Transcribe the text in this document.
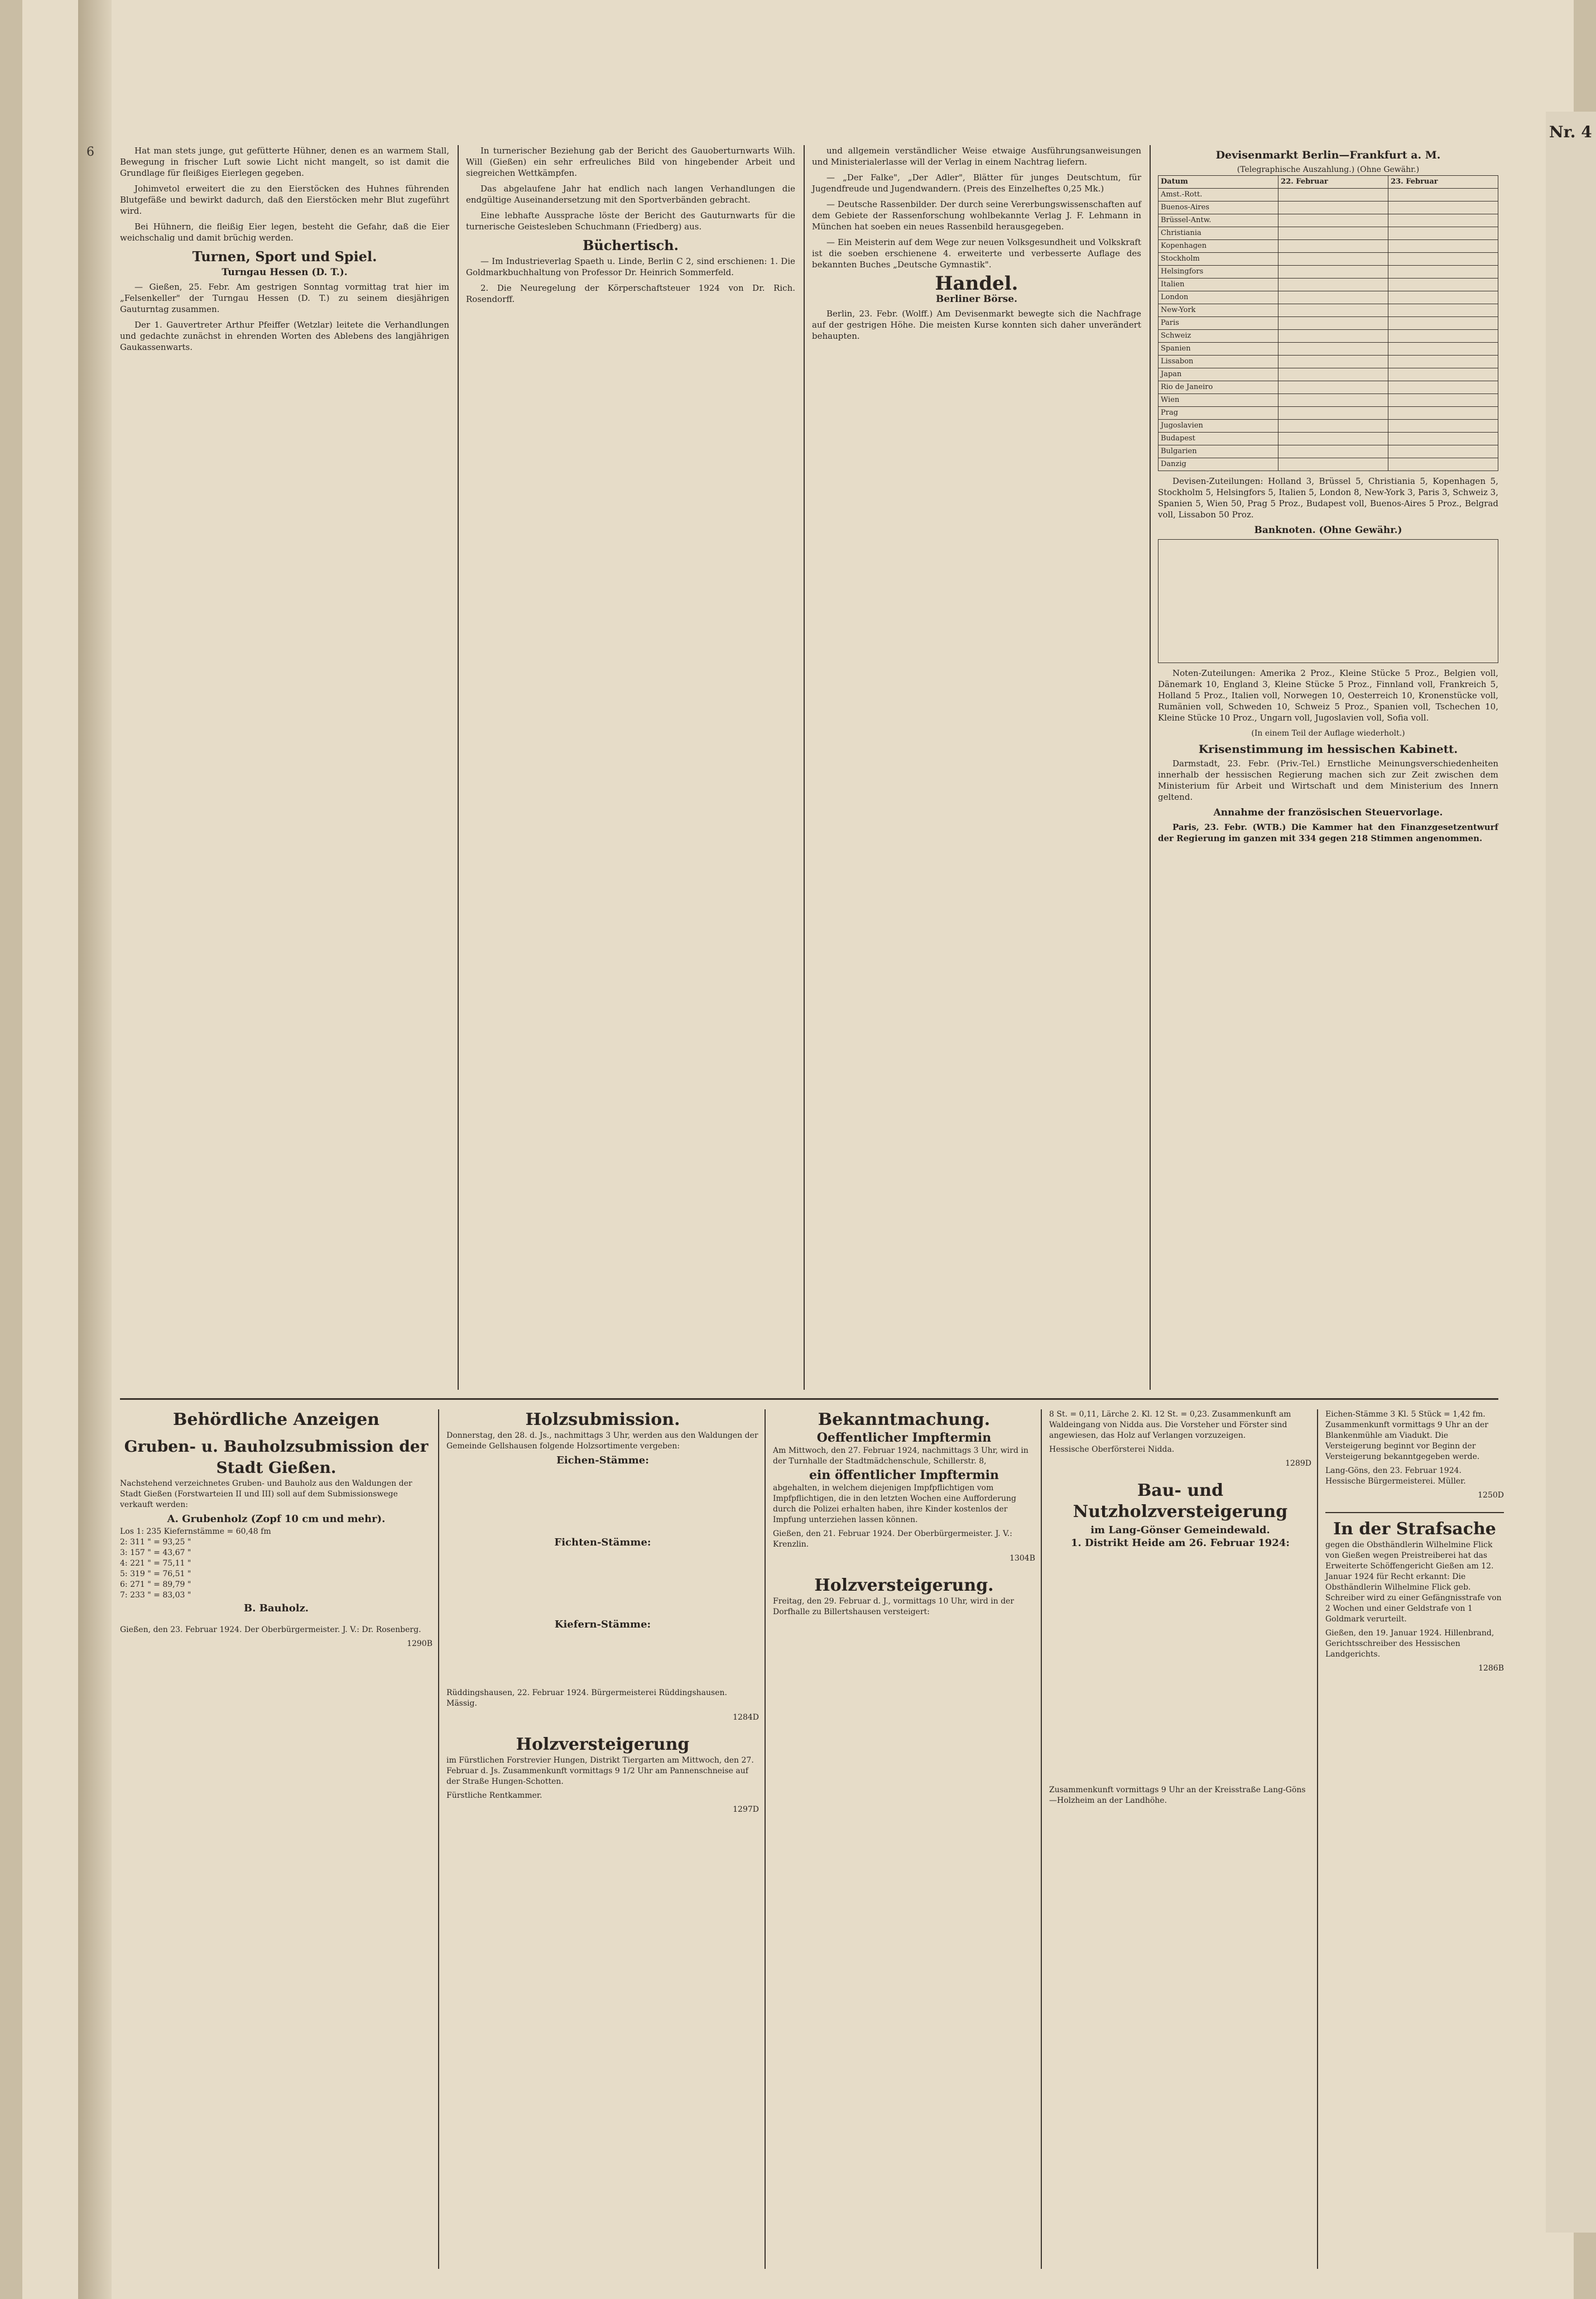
6
Nr. 4

Hat man stets junge, gut gefütterte Hühner, denen es an warmem Stall, Bewegung in frischer Luft sowie Licht nicht mangelt, so ist damit die Grundlage für fleißiges Eierlegen gegeben.

Johimvetol erweitert die zu den Eierstöcken des Huhnes führenden Blutgefäße und bewirkt dadurch, daß den Eierstöcken mehr Blut zugeführt wird.

Bei Hühnern, die fleißig Eier legen, besteht die Gefahr, daß die Eier weichschalig und damit brüchig werden.

Turnen, Sport und Spiel.
Turngau Hessen (D. T.).

— Gießen, 25. Febr. Am gestrigen Sonntag vormittag trat hier im „Felsenkeller" der Turngau Hessen (D. T.) zu seinem diesjährigen Gauturntag zusammen.

Der 1. Gauvertreter Arthur Pfeiffer (Wetzlar) leitete die Verhandlungen und gedachte zunächst in ehrenden Worten des Ablebens des langjährigen Gaukassenwarts.

In turnerischer Beziehung gab der Bericht des Gauoberturnwarts Wilh. Will (Gießen) ein sehr erfreuliches Bild von hingebender Arbeit und siegreichen Wettkämpfen.

Das abgelaufene Jahr hat endlich nach langen Verhandlungen die endgültige Auseinandersetzung mit den Sportverbänden gebracht.

Eine lebhafte Aussprache löste der Bericht des Gauturnwarts für die turnerische Geistesleben Schuchmann (Friedberg) aus.

Büchertisch.

— Im Industrieverlag Spaeth u. Linde, Berlin C 2, sind erschienen: 1. Die Goldmarkbuchhaltung von Professor Dr. Heinrich Sommerfeld.

2. Die Neuregelung der Körperschaftsteuer 1924 von Dr. Rich. Rosendorff.

und allgemein verständlicher Weise etwaige Ausführungsanweisungen und Ministerialerlasse will der Verlag in einem Nachtrag liefern.

— „Der Falke", „Der Adler", Blätter für junges Deutschtum, für Jugendfreude und Jugendwandern. (Preis des Einzelheftes 0,25 Mk.)

— Deutsche Rassenbilder. Der durch seine Vererbungswissenschaften auf dem Gebiete der Rassenforschung wohlbekannte Verlag J. F. Lehmann in München hat soeben ein neues Rassenbild herausgegeben.

— Ein Meisterin auf dem Wege zur neuen Volksgesundheit und Volkskraft ist die soeben erschienene 4. erweiterte und verbesserte Auflage des bekannten Buches „Deutsche Gymnastik".

Handel.
Berliner Börse.

Berlin, 23. Febr. (Wolff.) Am Devisenmarkt bewegte sich die Nachfrage auf der gestrigen Höhe. Die meisten Kurse konnten sich daher unverändert behaupten.

Devisenmarkt Berlin—Frankfurt a. M.
(Telegraphische Auszahlung.) (Ohne Gewähr.)
Datum	22. Februar	23. Februar
Amst.-Rott.		
Buenos-Aires		
Brüssel-Antw.		
Christiania		
Kopenhagen		
Stockholm		
Helsingfors		
Italien		
London		
New-York		
Paris		
Schweiz		
Spanien		
Lissabon		
Japan		
Rio de Janeiro		
Wien		
Prag		
Jugoslavien		
Budapest		
Bulgarien		
Danzig		

Devisen-Zuteilungen: Holland 3, Brüssel 5, Christiania 5, Kopenhagen 5, Stockholm 5, Helsingfors 5, Italien 5, London 8, New-York 3, Paris 3, Schweiz 3, Spanien 5, Wien 50, Prag 5 Proz., Budapest voll, Buenos-Aires 5 Proz., Belgrad voll, Lissabon 50 Proz.

Banknoten. (Ohne Gewähr.)

Noten-Zuteilungen: Amerika 2 Proz., Kleine Stücke 5 Proz., Belgien voll, Dänemark 10, England 3, Kleine Stücke 5 Proz., Finnland voll, Frankreich 5, Holland 5 Proz., Italien voll, Norwegen 10, Oesterreich 10, Kronenstücke voll, Rumänien voll, Schweden 10, Schweiz 5 Proz., Spanien voll, Tschechen 10, Kleine Stücke 10 Proz., Ungarn voll, Jugoslavien voll, Sofia voll.

(In einem Teil der Auflage wiederholt.)
Krisenstimmung im hessischen Kabinett.

Darmstadt, 23. Febr. (Priv.-Tel.) Ernstliche Meinungsverschiedenheiten innerhalb der hessischen Regierung machen sich zur Zeit zwischen dem Ministerium für Arbeit und Wirtschaft und dem Ministerium des Innern geltend.

Annahme der französischen Steuervorlage.

Paris, 23. Febr. (WTB.) Die Kammer hat den Finanzgesetzentwurf der Regierung im ganzen mit 334 gegen 218 Stimmen angenommen.

Behördliche Anzeigen
Gruben- u. Bauholzsubmission der Stadt Gießen.

Nachstehend verzeichnetes Gruben- und Bauholz aus den Waldungen der Stadt Gießen (Forstwarteien II und III) soll auf dem Submissionswege verkauft werden:

A. Grubenholz (Zopf 10 cm und mehr).
Los 1: 235 Kiefernstämme = 60,48 fm
2: 311 " = 93,25 "
3: 157 " = 43,67 "
4: 221 " = 75,11 "
5: 319 " = 76,51 "
6: 271 " = 89,79 "
7: 233 " = 83,03 "
B. Bauholz.

Gießen, den 23. Februar 1924. Der Oberbürgermeister. J. V.: Dr. Rosenberg.

1290B
Holzsubmission.

Donnerstag, den 28. d. Js., nachmittags 3 Uhr, werden aus den Waldungen der Gemeinde Gellshausen folgende Holzsortimente vergeben:

Eichen-Stämme:
Fichten-Stämme:
Kiefern-Stämme:

Rüddingshausen, 22. Februar 1924. Bürgermeisterei Rüddingshausen. Mässig.

1284D
Holzversteigerung

im Fürstlichen Forstrevier Hungen, Distrikt Tiergarten am Mittwoch, den 27. Februar d. Js. Zusammenkunft vormittags 9 1/2 Uhr am Pannenschneise auf der Straße Hungen-Schotten.

Fürstliche Rentkammer.

1297D
Bekanntmachung.
Oeffentlicher Impftermin

Am Mittwoch, den 27. Februar 1924, nachmittags 3 Uhr, wird in der Turnhalle der Stadtmädchenschule, Schillerstr. 8,

ein öffentlicher Impftermin

abgehalten, in welchem diejenigen Impfpflichtigen vom Impfpflichtigen, die in den letzten Wochen eine Aufforderung durch die Polizei erhalten haben, ihre Kinder kostenlos der Impfung unterziehen lassen können.

Gießen, den 21. Februar 1924. Der Oberbürgermeister. J. V.: Krenzlin.

1304B
Holzversteigerung.

Freitag, den 29. Februar d. J., vormittags 10 Uhr, wird in der Dorfhalle zu Billertshausen versteigert:

8 St. = 0,11, Lärche 2. Kl. 12 St. = 0,23. Zusammenkunft am Waldeingang von Nidda aus. Die Vorsteher und Förster sind angewiesen, das Holz auf Verlangen vorzuzeigen.

Hessische Oberförsterei Nidda.

1289D
Bau- und Nutzholzversteigerung
im Lang-Gönser Gemeindewald.
1. Distrikt Heide am 26. Februar 1924:

Zusammenkunft vormittags 9 Uhr an der Kreisstraße Lang-Göns—Holzheim an der Landhöhe.

Eichen-Stämme 3 Kl. 5 Stück = 1,42 fm. Zusammenkunft vormittags 9 Uhr an der Blankenmühle am Viadukt. Die Versteigerung beginnt vor Beginn der Versteigerung bekanntgegeben werde.

Lang-Göns, den 23. Februar 1924. Hessische Bürgermeisterei. Müller.

1250D
In der Strafsache

gegen die Obsthändlerin Wilhelmine Flick von Gießen wegen Preistreiberei hat das Erweiterte Schöffengericht Gießen am 12. Januar 1924 für Recht erkannt: Die Obsthändlerin Wilhelmine Flick geb. Schreiber wird zu einer Gefängnisstrafe von 2 Wochen und einer Geldstrafe von 1 Goldmark verurteilt.

Gießen, den 19. Januar 1924. Hillenbrand, Gerichtsschreiber des Hessischen Landgerichts.

1286B
